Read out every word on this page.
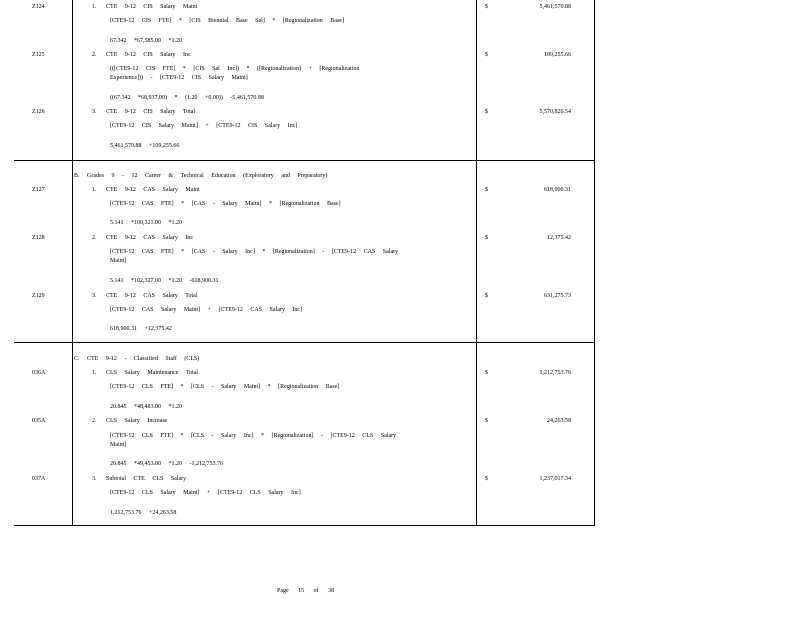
Z124	1. CTE 9-12 CIS Salary Maint
[CTE9-12 CIS FTE] * [CIS Biennial Base Sal] * [Regionalization Base]
67.342 *67,585.00 *1.20
$	5,461,570.88
Z125	2. CTE 9-12 CIS Salary Inc
(([CTE9-12 CIS FTE] * [CIS Sal Inc]) * ([Regionalization] + [Regionalization
Experience])) - [CTE9-12 CIS Salary Maint]
((67.342 *68,937.00) * (1.20 +0.00)) -5,461,570.88
$	109,255.66
Z126	3. CTE 9-12 CIS Salary Total
[CTE9-12 CIS Salary Maint] + [CTE9-12 CIS Salary Inc]
5,461,570.88 +109,255.66
$	5,570,826.54
B. Grades 9 - 12 Career & Technical Education (Exploratory and Preparatory)
Z127	1. CTE 9-12 CAS Salary Maint
[CTE9-12 CAS FTE] * [CAS - Salary Maint] * [Regionalization Base]
5.141 *100,321.00 *1.20
$	618,900.31
Z128	2. CTE 9-12 CAS Salary Inc
[CTE9-12 CAS FTE] * [CAS - Salary Inc] * [Regionalization] - [CTE9-12 CAS Salary
Maint]
5.141 *102,327.00 *1.20 -618,900.31
$	12,375.42
Z129	3. CTE 9-12 CAS Salary Total
[CTE9-12 CAS Salary Maint] + [CTE9-12 CAS Salary Inc]
618,900.31 +12,375.42
$	631,275.73
C. CTE 9-12 - Classified Staff (CLS)
036A	1. CLS Salary Maintenance Total
[CTE9-12 CLS FTE] * [CLS - Salary Maint] * [Regionalization Base]
20.845 *48,483.00 *1.20
$	1,212,753.76
035A	2. CLS Salary Increase
[CTE9-12 CLS FTE] * [CLS - Salary Inc] * [Regionalization] - [CTE9-12 CLS Salary
Maint]
20.845 *49,453.00 *1.20 -1,212,753.76
$	24,263.58
037A	3. Subtotal CTE CLS Salary
[CTE9-12 CLS Salary Maint] + [CTE9-12 CLS Salary Inc]
1,212,753.76 +24,263.58
$	1,237,017.34
Page 15 of 38
